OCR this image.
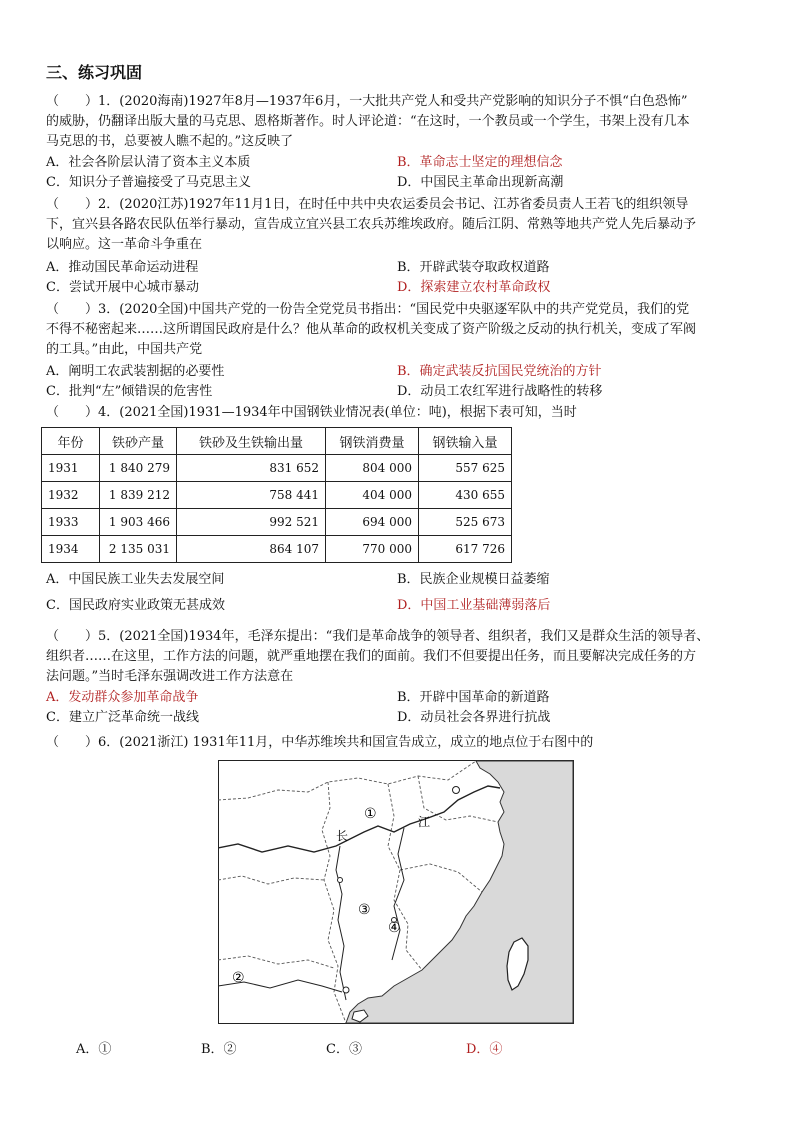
三、练习巩固
（　　）1．(2020海南)1927年8月—1937年6月，一大批共产党人和受共产党影响的知识分子不惧“白色恐怖”
的威胁，仍翻译出版大量的马克思、恩格斯著作。时人评论道：“在这时，一个教员或一个学生，书架上没有几本
马克思的书，总要被人瞧不起的。”这反映了
A．社会各阶层认清了资本主义本质	B．革命志士坚定的理想信念
C．知识分子普遍接受了马克思主义	D．中国民主革命出现新高潮
（　　）2．(2020江苏)1927年11月1日，在时任中共中央农运委员会书记、江苏省委员责人王若飞的组织领导
下，宜兴县各路农民队伍举行暴动，宣告成立宜兴县工农兵苏维埃政府。随后江阴、常熟等地共产党人先后暴动予
以响应。这一革命斗争重在
A．推动国民革命运动进程	B．开辟武装夺取政权道路
C．尝试开展中心城市暴动	D．探索建立农村革命政权
（　　）3．(2020全国)中国共产党的一份告全党党员书指出：“国民党中央驱逐军队中的共产党党员，我们的党
不得不秘密起来……这所谓国民政府是什么？他从革命的政权机关变成了资产阶级之反动的执行机关，变成了军阀
的工具。”由此，中国共产党
A．阐明工农武装割据的必要性	B．确定武装反抗国民党统治的方针
C．批判“左”倾错误的危害性	D．动员工农红军进行战略性的转移
（　　）4．(2021全国)1931—1934年中国钢铁业情况表(单位：吨)，根据下表可知，当时
年份	铁砂产量	铁砂及生铁输出量	钢铁消费量	钢铁输入量
1931	1 840 279	831 652	804 000	557 625
1932	1 839 212	758 441	404 000	430 655
1933	1 903 466	992 521	694 000	525 673
1934	2 135 031	864 107	770 000	617 726
A．中国民族工业失去发展空间	B．民族企业规模日益萎缩
C．国民政府实业政策无甚成效	D．中国工业基础薄弱落后
（　　）5．(2021全国)1934年，毛泽东提出：“我们是革命战争的领导者、组织者，我们又是群众生活的领导者、
组织者……在这里，工作方法的问题，就严重地摆在我们的面前。我们不但要提出任务，而且要解决完成任务的方
法问题。”当时毛泽东强调改进工作方法意在
A．发动群众参加革命战争	B．开辟中国革命的新道路
C．建立广泛革命统一战线	D．动员社会各界进行抗战
（　　）6．(2021浙江) 1931年11月，中华苏维埃共和国宣告成立，成立的地点位于右图中的
①
②
③
④
江
长
A．①	B．②	C．③	D．④
